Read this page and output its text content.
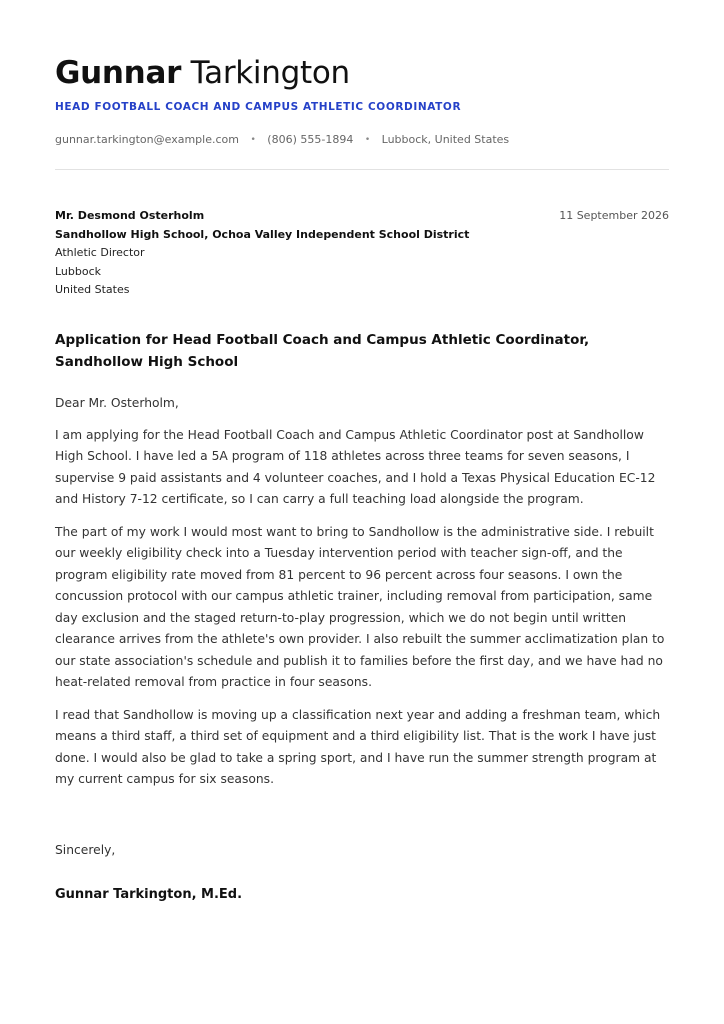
Gunnar Tarkington
HEAD FOOTBALL COACH AND CAMPUS ATHLETIC COORDINATOR
gunnar.tarkington@example.com • (806) 555-1894 • Lubbock, United States
Mr. Desmond Osterholm
Sandhollow High School, Ochoa Valley Independent School District
Athletic Director
Lubbock
United States
11 September 2026
Application for Head Football Coach and Campus Athletic Coordinator, Sandhollow High School

Dear Mr. Osterholm,

I am applying for the Head Football Coach and Campus Athletic Coordinator post at Sandhollow High School. I have led a 5A program of 118 athletes across three teams for seven seasons, I supervise 9 paid assistants and 4 volunteer coaches, and I hold a Texas Physical Education EC-12 and History 7-12 certificate, so I can carry a full teaching load alongside the program.

The part of my work I would most want to bring to Sandhollow is the administrative side. I rebuilt our weekly eligibility check into a Tuesday intervention period with teacher sign-off, and the program eligibility rate moved from 81 percent to 96 percent across four seasons. I own the concussion protocol with our campus athletic trainer, including removal from participation, same day exclusion and the staged return-to-play progression, which we do not begin until written clearance arrives from the athlete's own provider. I also rebuilt the summer acclimatization plan to our state association's schedule and publish it to families before the first day, and we have had no heat-related removal from practice in four seasons.

I read that Sandhollow is moving up a classification next year and adding a freshman team, which means a third staff, a third set of equipment and a third eligibility list. That is the work I have just done. I would also be glad to take a spring sport, and I have run the summer strength program at my current campus for six seasons.

Sincerely,
Gunnar Tarkington, M.Ed.
